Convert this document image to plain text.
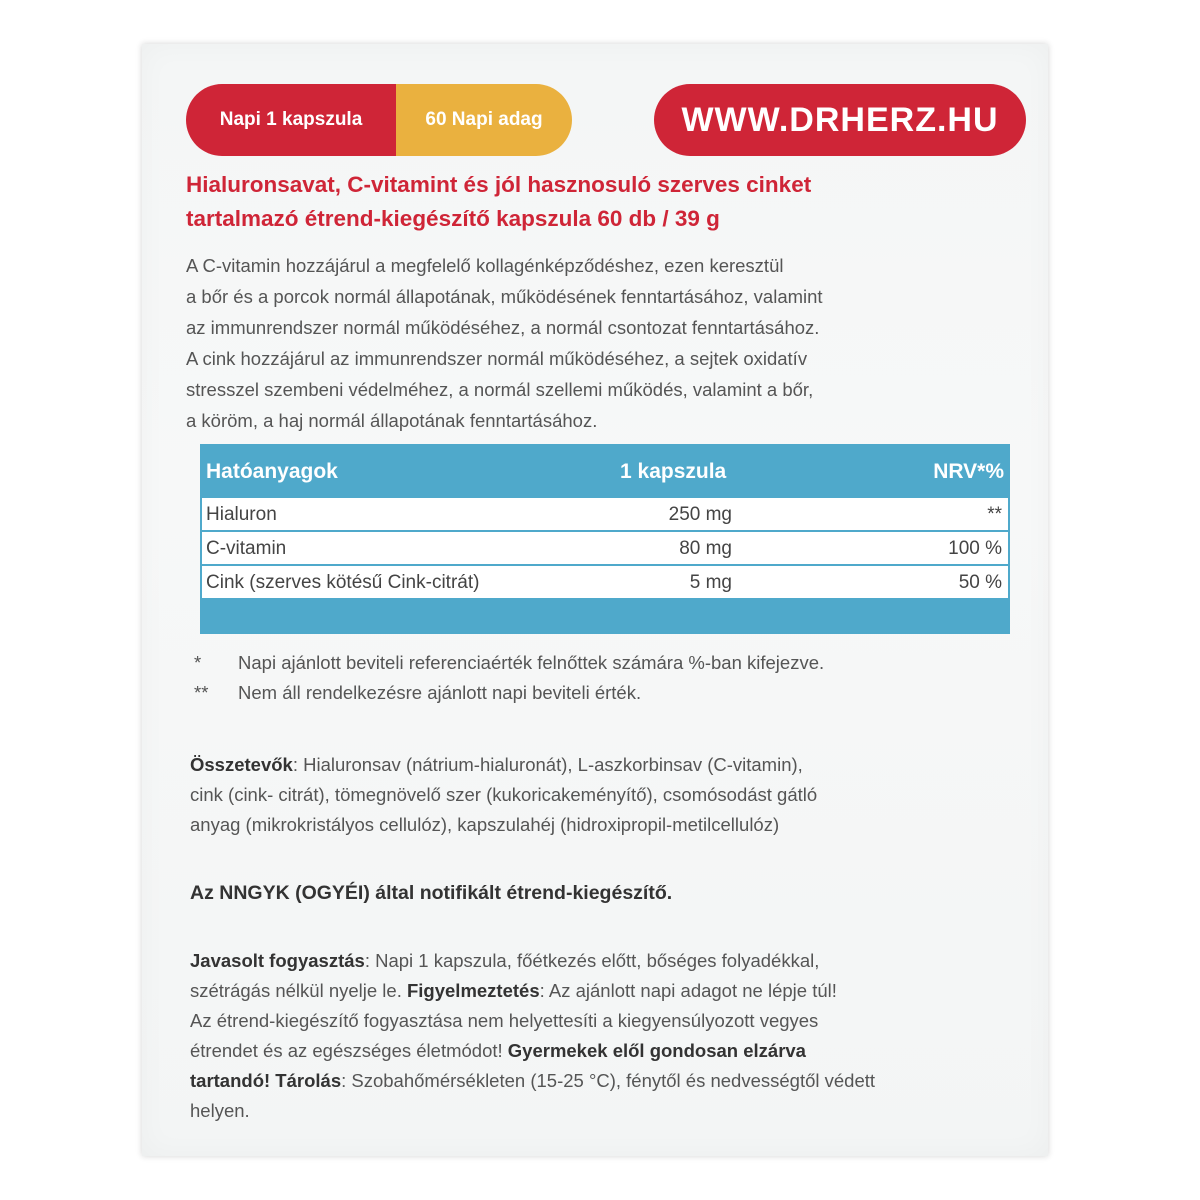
Napi 1 kapszula	60 Napi adag	WWW.DRHERZ.HU
Hialuronsavat, C-vitamint és jól hasznosuló szerves cinket
tartalmazó étrend-kiegészítő kapszula 60 db / 39 g

A C-vitamin hozzájárul a megfelelő kollagénképződéshez, ezen keresztül

a bőr és a porcok normál állapotának, működésének fenntartásához, valamint

az immunrendszer normál működéséhez, a normál csontozat fenntartásához.

A cink hozzájárul az immunrendszer normál működéséhez, a sejtek oxidatív

stresszel szembeni védelméhez, a normál szellemi működés, valamint a bőr,

a köröm, a haj normál állapotának fenntartásához.

Hatóanyagok	1 kapszula	NRV*%
Hialuron	250 mg	**
C-vitamin	80 mg	100 %
Cink (szerves kötésű Cink-citrát)	5 mg	50 %
*	Napi ajánlott beviteli referenciaérték felnőttek számára %-ban kifejezve.
**	Nem áll rendelkezésre ajánlott napi beviteli érték.

Összetevők: Hialuronsav (nátrium-hialuronát), L-aszkorbinsav (C-vitamin),

cink (cink- citrát), tömegnövelő szer (kukoricakeményítő), csomósodást gátló

anyag (mikrokristályos cellulóz), kapszulahéj (hidroxipropil-metilcellulóz)

Az NNGYK (OGYÉI) által notifikált étrend-kiegészítő.

Javasolt fogyasztás: Napi 1 kapszula, főétkezés előtt, bőséges folyadékkal,

szétrágás nélkül nyelje le. Figyelmeztetés: Az ajánlott napi adagot ne lépje túl!

Az étrend-kiegészítő fogyasztása nem helyettesíti a kiegyensúlyozott vegyes

étrendet és az egészséges életmódot! Gyermekek elől gondosan elzárva

tartandó! Tárolás: Szobahőmérsékleten (15-25 °C), fénytől és nedvességtől védett

helyen.
